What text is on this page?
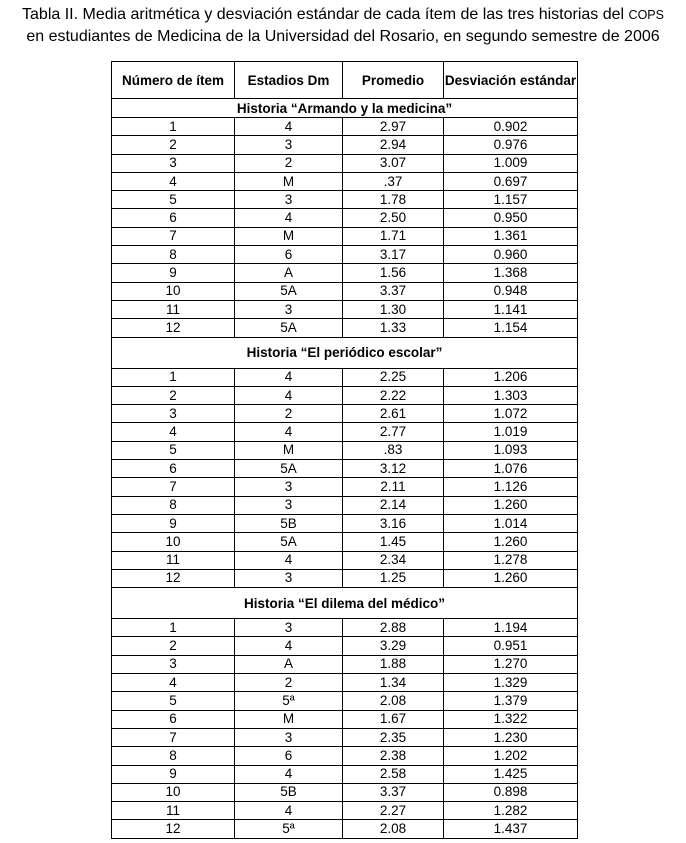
Tabla II. Media aritmética y desviación estándar de cada ítem de las tres historias del COPS
en estudiantes de Medicina de la Universidad del Rosario, en segundo semestre de 2006
Número de ítem	Estadios Dm	Promedio	Desviación estándar
Historia “Armando y la medicina”			
1	4	2.97	0.902
2	3	2.94	0.976
3	2	3.07	1.009
4	M	.37	0.697
5	3	1.78	1.157
6	4	2.50	0.950
7	M	1.71	1.361
8	6	3.17	0.960
9	A	1.56	1.368
10	5A	3.37	0.948
11	3	1.30	1.141
12	5A	1.33	1.154
Historia “El periódico escolar”			
1	4	2.25	1.206
2	4	2.22	1.303
3	2	2.61	1.072
4	4	2.77	1.019
5	M	.83	1.093
6	5A	3.12	1.076
7	3	2.11	1.126
8	3	2.14	1.260
9	5B	3.16	1.014
10	5A	1.45	1.260
11	4	2.34	1.278
12	3	1.25	1.260
Historia “El dilema del médico”			
1	3	2.88	1.194
2	4	3.29	0.951
3	A	1.88	1.270
4	2	1.34	1.329
5	5ª	2.08	1.379
6	M	1.67	1.322
7	3	2.35	1.230
8	6	2.38	1.202
9	4	2.58	1.425
10	5B	3.37	0.898
11	4	2.27	1.282
12	5ª	2.08	1.437
